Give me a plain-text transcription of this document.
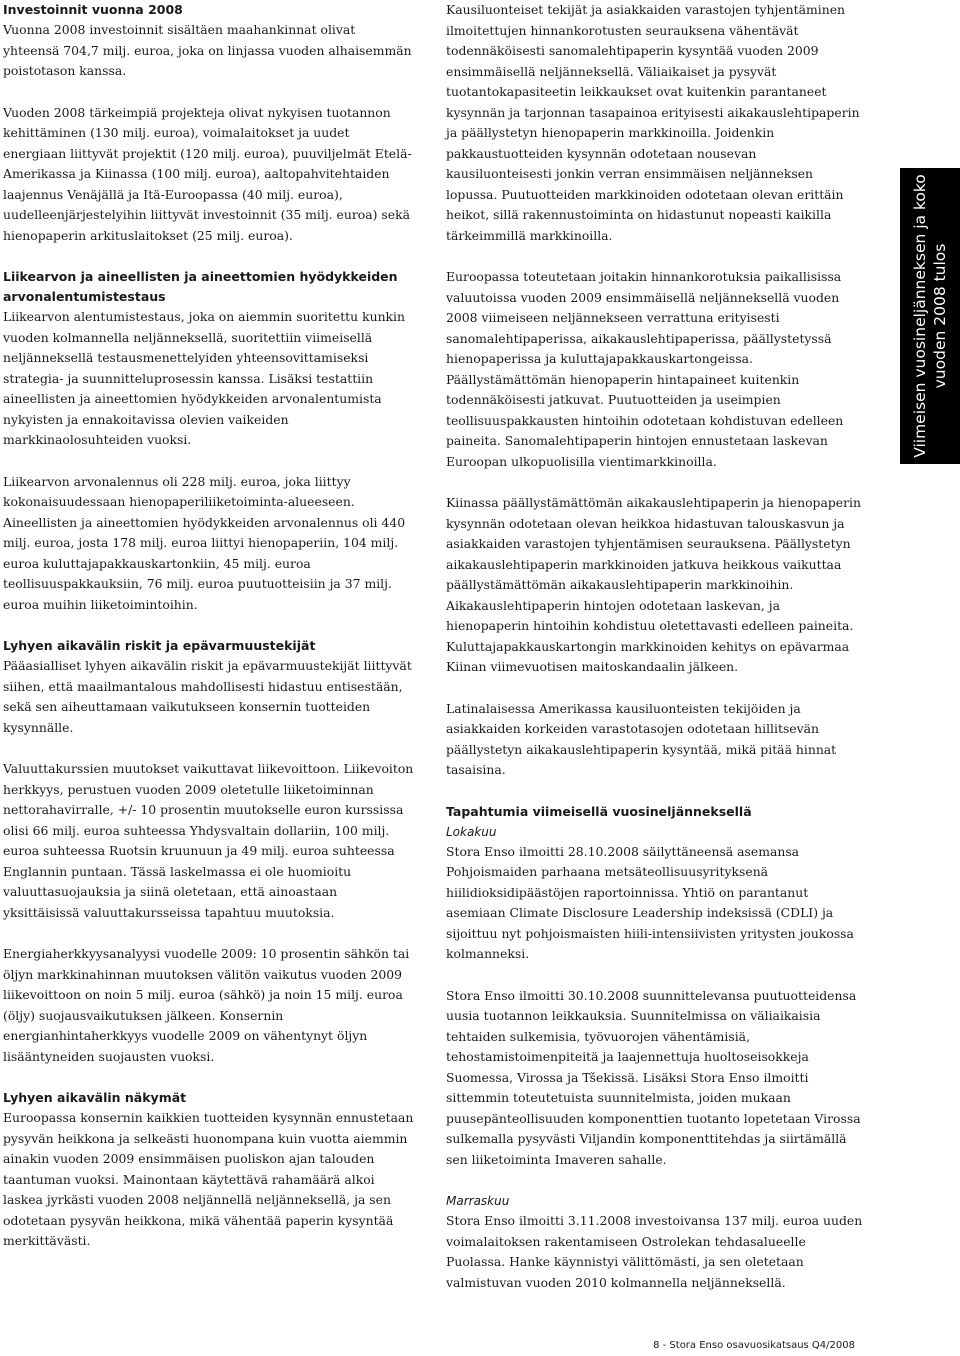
Investoinnit vuonna 2008

Vuonna 2008 investoinnit sisältäen maahankinnat olivat yhteensä 704,7 milj. euroa, joka on linjassa vuoden alhaisemmän poistotason kanssa.

Vuoden 2008 tärkeimpiä projekteja olivat nykyisen tuotannon kehittäminen (130 milj. euroa), voimalaitokset ja uudet energiaan liittyvät projektit (120 milj. euroa), puuviljelmät Etelä-Amerikassa ja Kiinassa (100 milj. euroa), aaltopahvitehtaiden laajennus Venäjällä ja Itä-Euroopassa (40 milj. euroa), uudelleenjärjestelyihin liittyvät investoinnit (35 milj. euroa) sekä hienopaperin arkituslaitokset (25 milj. euroa).

Liikearvon ja aineellisten ja aineettomien hyödykkeiden arvonalentumistestaus

Liikearvon alentumistestaus, joka on aiemmin suoritettu kunkin vuoden kolmannella neljänneksellä, suoritettiin viimeisellä neljänneksellä testausmenettelyiden yhteensovittamiseksi strategia- ja suunnitteluprosessin kanssa. Lisäksi testattiin aineellisten ja aineettomien hyödykkeiden arvonalentumista nykyisten ja ennakoitavissa olevien vaikeiden markkinaolosuhteiden vuoksi.

Liikearvon arvonalennus oli 228 milj. euroa, joka liittyy kokonaisuudessaan hienopaperiliiketoiminta-alueeseen. Aineellisten ja aineettomien hyödykkeiden arvonalennus oli 440 milj. euroa, josta 178 milj. euroa liittyi hienopaperiin, 104 milj. euroa kuluttajapakkauskartonkiin, 45 milj. euroa teollisuuspakkauksiin, 76 milj. euroa puutuotteisiin ja 37 milj. euroa muihin liiketoimintoihin.

Lyhyen aikavälin riskit ja epävarmuustekijät

Pääasialliset lyhyen aikavälin riskit ja epävarmuustekijät liittyvät siihen, että maailmantalous mahdollisesti hidastuu entisestään, sekä sen aiheuttamaan vaikutukseen konsernin tuotteiden kysynnälle.

Valuuttakurssien muutokset vaikuttavat liikevoittoon. Liikevoiton herkkyys, perustuen vuoden 2009 oletetulle liiketoiminnan nettorahavirralle, +/- 10 prosentin muutokselle euron kurssissa olisi 66 milj. euroa suhteessa Yhdysvaltain dollariin, 100 milj. euroa suhteessa Ruotsin kruunuun ja 49 milj. euroa suhteessa Englannin puntaan. Tässä laskelmassa ei ole huomioitu valuuttasuojauksia ja siinä oletetaan, että ainoastaan yksittäisissä valuuttakursseissa tapahtuu muutoksia.

Energiaherkkyysanalyysi vuodelle 2009: 10 prosentin sähkön tai öljyn markkinahinnan muutoksen välitön vaikutus vuoden 2009 liikevoittoon on noin 5 milj. euroa (sähkö) ja noin 15 milj. euroa (öljy) suojausvaikutuksen jälkeen. Konsernin energianhintaherkkyys vuodelle 2009 on vähentynyt öljyn lisääntyneiden suojausten vuoksi.

Lyhyen aikavälin näkymät

Euroopassa konsernin kaikkien tuotteiden kysynnän ennustetaan pysyvän heikkona ja selkeästi huonompana kuin vuotta aiemmin ainakin vuoden 2009 ensimmäisen puoliskon ajan talouden taantuman vuoksi. Mainontaan käytettävä rahamäärä alkoi laskea jyrkästi vuoden 2008 neljännellä neljänneksellä, ja sen odotetaan pysyvän heikkona, mikä vähentää paperin kysyntää merkittävästi.

Kausiluonteiset tekijät ja asiakkaiden varastojen tyhjentäminen ilmoitettujen hinnankorotusten seurauksena vähentävät todennäköisesti sanomalehtipaperin kysyntää vuoden 2009 ensimmäisellä neljänneksellä. Väliaikaiset ja pysyvät tuotantokapasiteetin leikkaukset ovat kuitenkin parantaneet kysynnän ja tarjonnan tasapainoa erityisesti aikakauslehtipaperin ja päällystetyn hienopaperin markkinoilla. Joidenkin pakkaustuotteiden kysynnän odotetaan nousevan kausiluonteisesti jonkin verran ensimmäisen neljänneksen lopussa. Puutuotteiden markkinoiden odotetaan olevan erittäin heikot, sillä rakennustoiminta on hidastunut nopeasti kaikilla tärkeimmillä markkinoilla.

Euroopassa toteutetaan joitakin hinnankorotuksia paikallisissa valuutoissa vuoden 2009 ensimmäisellä neljänneksellä vuoden 2008 viimeiseen neljännekseen verrattuna erityisesti sanomalehtipaperissa, aikakauslehtipaperissa, päällystetyssä hienopaperissa ja kuluttajapakkauskartongeissa. Päällystämättömän hienopaperin hintapaineet kuitenkin todennäköisesti jatkuvat. Puutuotteiden ja useimpien teollisuuspakkausten hintoihin odotetaan kohdistuvan edelleen paineita. Sanomalehtipaperin hintojen ennustetaan laskevan Euroopan ulkopuolisilla vientimarkkinoilla.

Kiinassa päällystämättömän aikakauslehtipaperin ja hienopaperin kysynnän odotetaan olevan heikkoa hidastuvan talouskasvun ja asiakkaiden varastojen tyhjentämisen seurauksena. Päällystetyn aikakauslehtipaperin markkinoiden jatkuva heikkous vaikuttaa päällystämättömän aikakauslehtipaperin markkinoihin. Aikakauslehtipaperin hintojen odotetaan laskevan, ja hienopaperin hintoihin kohdistuu oletettavasti edelleen paineita. Kuluttajapakkauskartongin markkinoiden kehitys on epävarmaa Kiinan viimevuotisen maitoskandaalin jälkeen.

Latinalaisessa Amerikassa kausiluonteisten tekijöiden ja asiakkaiden korkeiden varastotasojen odotetaan hillitsevän päällystetyn aikakauslehtipaperin kysyntää, mikä pitää hinnat tasaisina.

Tapahtumia viimeisellä vuosineljänneksellä
Lokakuu

Stora Enso ilmoitti 28.10.2008 säilyttäneensä asemansa Pohjoismaiden parhaana metsäteollisuusyrityksenä hiilidioksidipäästöjen raportoinnissa. Yhtiö on parantanut asemiaan Climate Disclosure Leadership indeksissä (CDLI) ja sijoittuu nyt pohjoismaisten hiili-intensiivisten yritysten joukossa kolmanneksi.

Stora Enso ilmoitti 30.10.2008 suunnittelevansa puutuotteidensa uusia tuotannon leikkauksia. Suunnitelmissa on väliaikaisia tehtaiden sulkemisia, työvuorojen vähentämisiä, tehostamistoimenpiteitä ja laajennettuja huoltoseisokkeja Suomessa, Virossa ja Tšekissä. Lisäksi Stora Enso ilmoitti sittemmin toteutetuista suunnitelmista, joiden mukaan puusepänteollisuuden komponenttien tuotanto lopetetaan Virossa sulkemalla pysyvästi Viljandin komponenttitehdas ja siirtämällä sen liiketoiminta Imaveren sahalle.

Marraskuu

Stora Enso ilmoitti 3.11.2008 investoivansa 137 milj. euroa uuden voimalaitoksen rakentamiseen Ostrolekan tehdasalueelle Puolassa. Hanke käynnistyi välittömästi, ja sen oletetaan valmistuvan vuoden 2010 kolmannella neljänneksellä.

Viimeisen vuosineljänneksen ja koko vuoden 2008 tulos
8 - Stora Enso osavuosikatsaus Q4/2008
